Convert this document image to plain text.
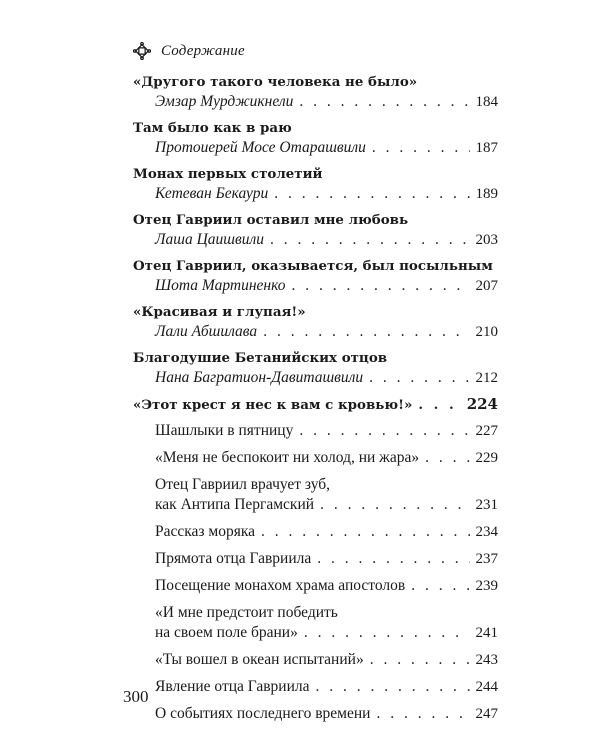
Содержание
«Другого такого человека не было»
Эмзар Мурджикнели . . .	184
Там было как в раю
Протоиерей Мосе Отарашвили . . .	187
Монах первых столетий
Кетеван Бекаури . . .	189
Отец Гавриил оставил мне любовь
Лаша Цаишвили . . .	203
Отец Гавриил, оказывается, был посыльным
Шота Мартиненко . . .	207
«Красивая и глупая!»
Лали Абшилава . . .	210
Благодушие Бетанийских отцов
Нана Багратион-Давиташвили . . .	212
«Этот крест я нес к вам с кровью!» . . .	224
Шашлыки в пятницу . . .	227
«Меня не беспокоит ни холод, ни жара» . . .	229
Отец Гавриил врачует зуб,
как Антипа Пергамский . . .	231
Рассказ моряка . . .	234
Прямота отца Гавриила . . .	237
Посещение монахом храма апостолов . . .	239
«И мне предстоит победить
на своем поле брани» . . .	241
«Ты вошел в океан испытаний» . . .	243
Явление отца Гавриила . . .	244
О событиях последнего времени . . .	247
300
